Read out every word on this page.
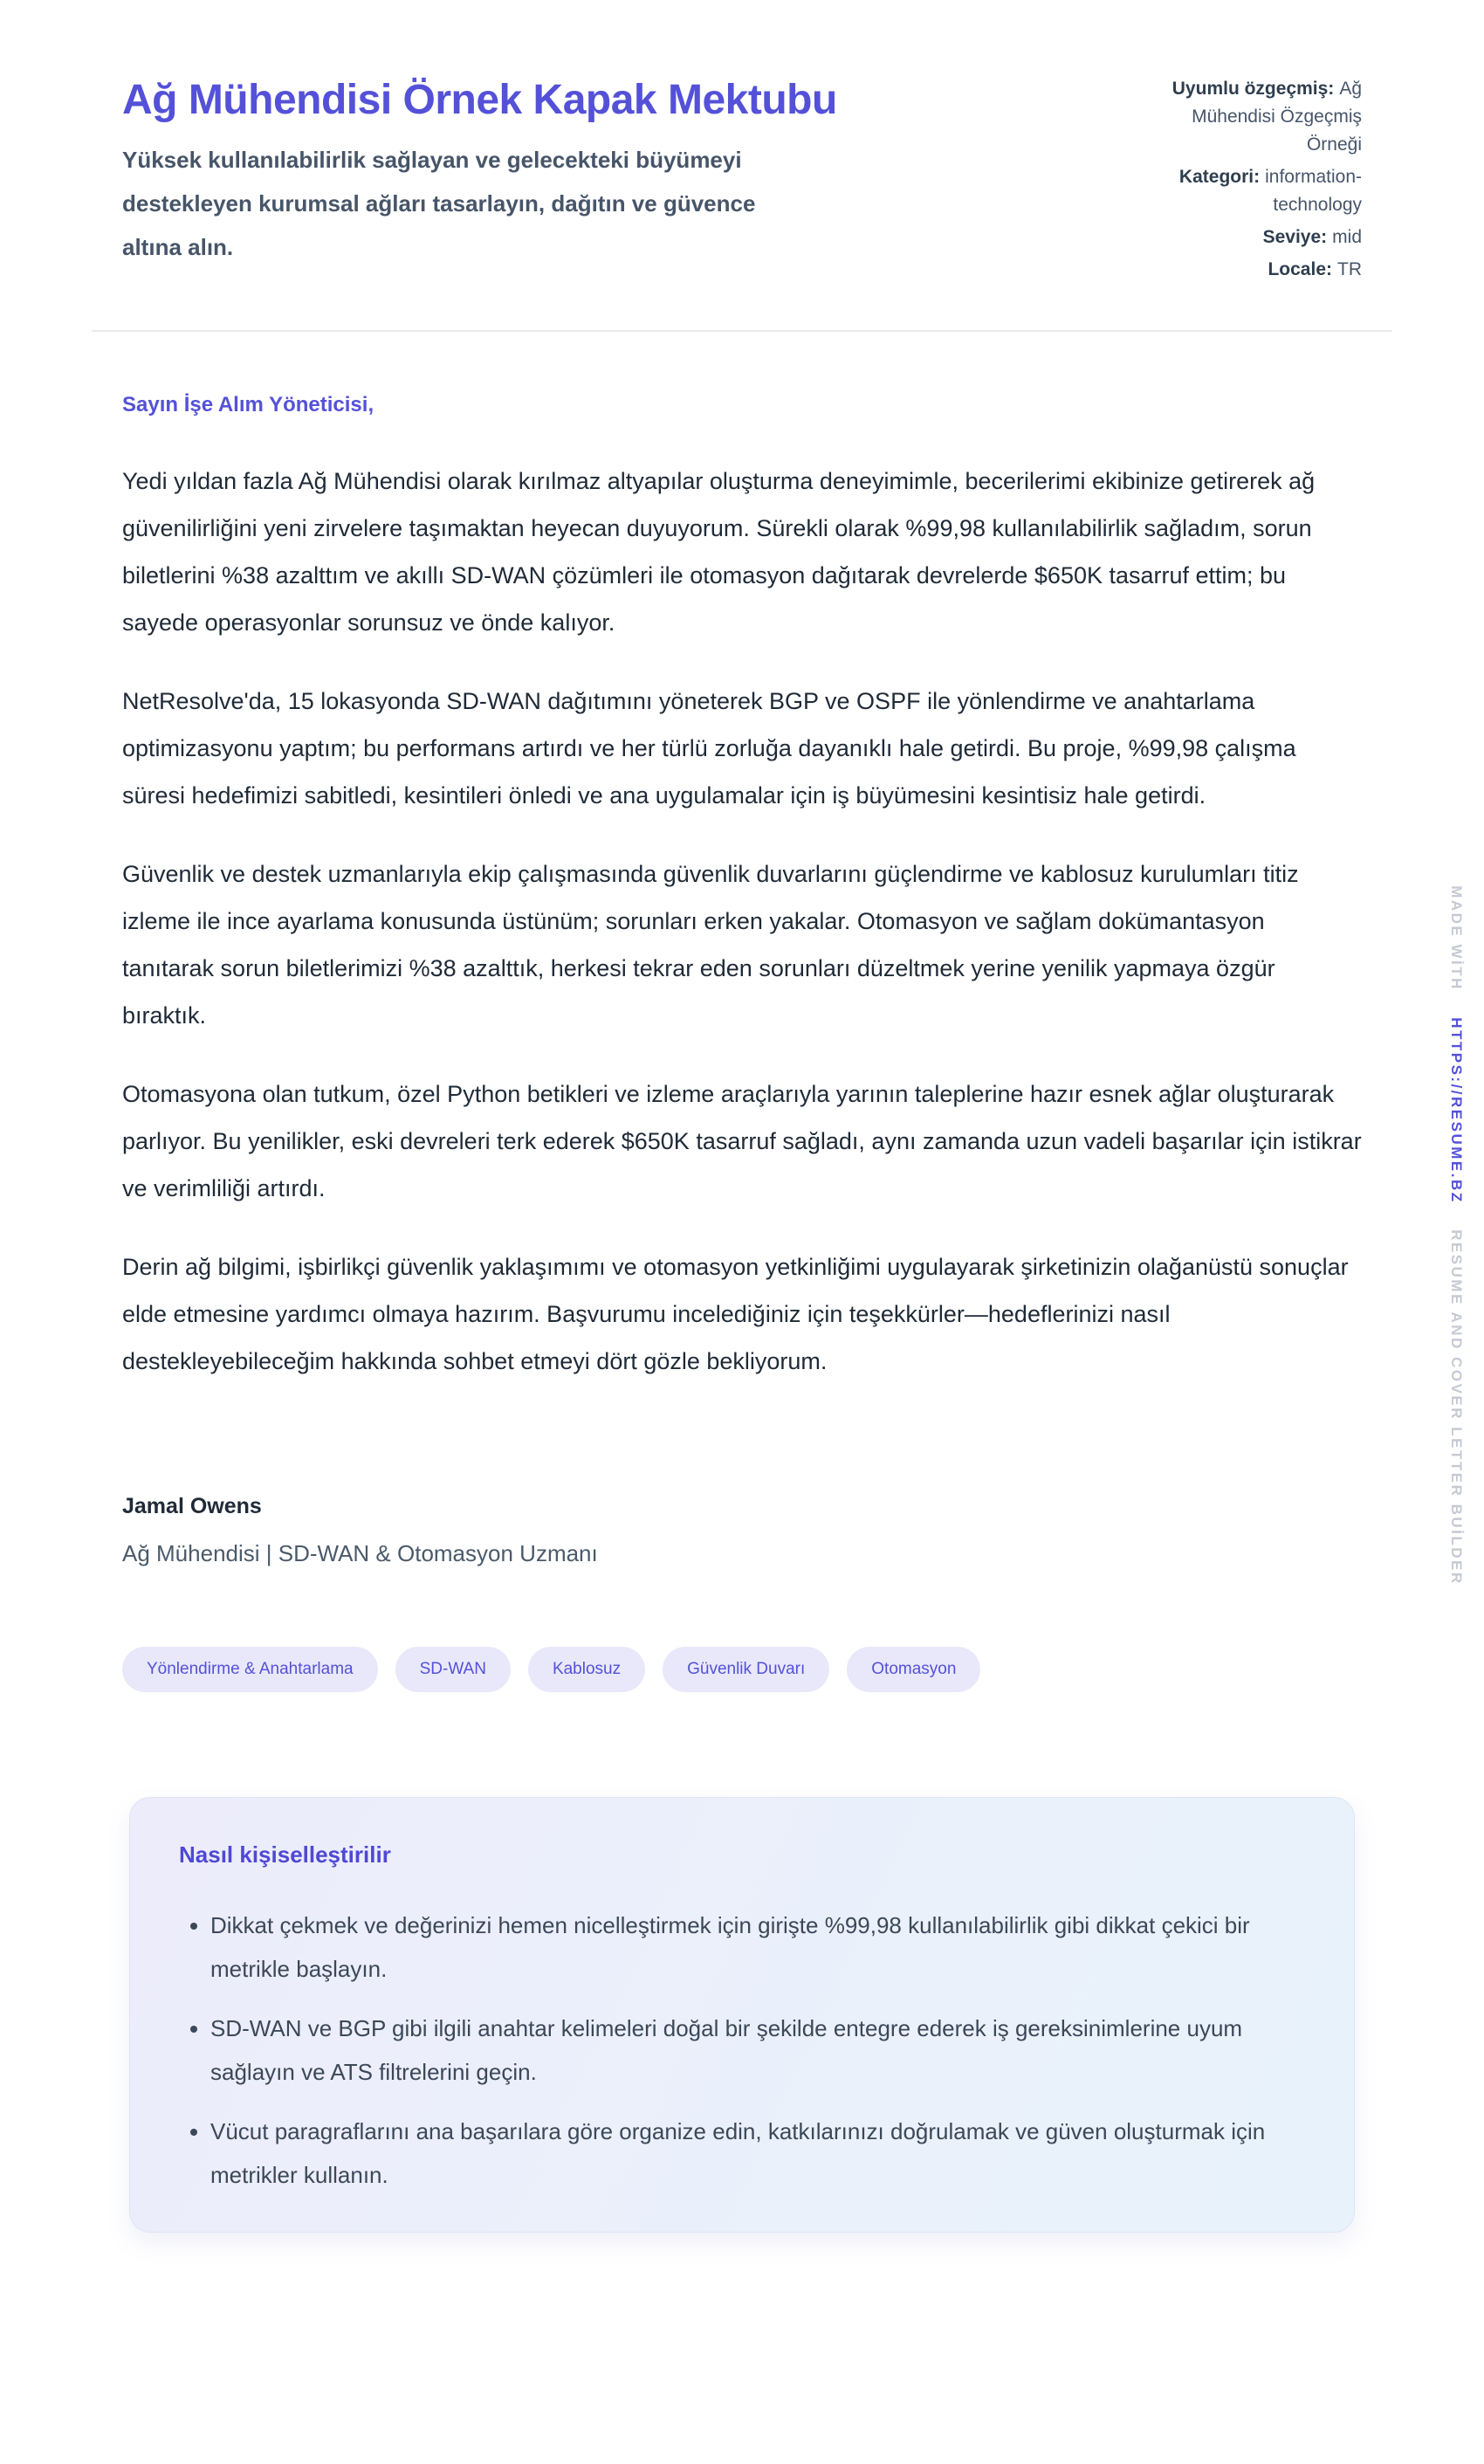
Ağ Mühendisi Örnek Kapak Mektubu

Yüksek kullanılabilirlik sağlayan ve gelecekteki büyümeyi destekleyen kurumsal ağları tasarlayın, dağıtın ve güvence altına alın.

Uyumlu özgeçmiş: Ağ Mühendisi Özgeçmiş Örneği
Kategori: information-technology
Seviye: mid
Locale: TR

Sayın İşe Alım Yöneticisi,

Yedi yıldan fazla Ağ Mühendisi olarak kırılmaz altyapılar oluşturma deneyimimle, becerilerimi ekibinize getirerek ağ güvenilirliğini yeni zirvelere taşımaktan heyecan duyuyorum. Sürekli olarak %99,98 kullanılabilirlik sağladım, sorun biletlerini %38 azalttım ve akıllı SD-WAN çözümleri ile otomasyon dağıtarak devrelerde $650K tasarruf ettim; bu sayede operasyonlar sorunsuz ve önde kalıyor.

NetResolve'da, 15 lokasyonda SD-WAN dağıtımını yöneterek BGP ve OSPF ile yönlendirme ve anahtarlama optimizasyonu yaptım; bu performans artırdı ve her türlü zorluğa dayanıklı hale getirdi. Bu proje, %99,98 çalışma süresi hedefimizi sabitledi, kesintileri önledi ve ana uygulamalar için iş büyümesini kesintisiz hale getirdi.

Güvenlik ve destek uzmanlarıyla ekip çalışmasında güvenlik duvarlarını güçlendirme ve kablosuz kurulumları titiz izleme ile ince ayarlama konusunda üstünüm; sorunları erken yakalar. Otomasyon ve sağlam dokümantasyon tanıtarak sorun biletlerimizi %38 azalttık, herkesi tekrar eden sorunları düzeltmek yerine yenilik yapmaya özgür bıraktık.

Otomasyona olan tutkum, özel Python betikleri ve izleme araçlarıyla yarının taleplerine hazır esnek ağlar oluşturarak parlıyor. Bu yenilikler, eski devreleri terk ederek $650K tasarruf sağladı, aynı zamanda uzun vadeli başarılar için istikrar ve verimliliği artırdı.

Derin ağ bilgimi, işbirlikçi güvenlik yaklaşımımı ve otomasyon yetkinliğimi uygulayarak şirketinizin olağanüstü sonuçlar elde etmesine yardımcı olmaya hazırım. Başvurumu incelediğiniz için teşekkürler—hedeflerinizi nasıl destekleyebileceğim hakkında sohbet etmeyi dört gözle bekliyorum.

Jamal Owens
Ağ Mühendisi | SD-WAN & Otomasyon Uzmanı
Yönlendirme & Anahtarlama	SD-WAN	Kablosuz	Güvenlik Duvarı	Otomasyon
Nasıl kişiselleştirilir
• Dikkat çekmek ve değerinizi hemen nicelleştirmek için girişte %99,98 kullanılabilirlik gibi dikkat çekici bir metrikle başlayın.
• SD-WAN ve BGP gibi ilgili anahtar kelimeleri doğal bir şekilde entegre ederek iş gereksinimlerine uyum sağlayın ve ATS filtrelerini geçin.
• Vücut paragraflarını ana başarılara göre organize edin, katkılarınızı doğrulamak ve güven oluşturmak için metrikler kullanın.
MADE WİTH
HTTPS://RESUME.BZ
RESUME AND COVER LETTER BUİLDER
